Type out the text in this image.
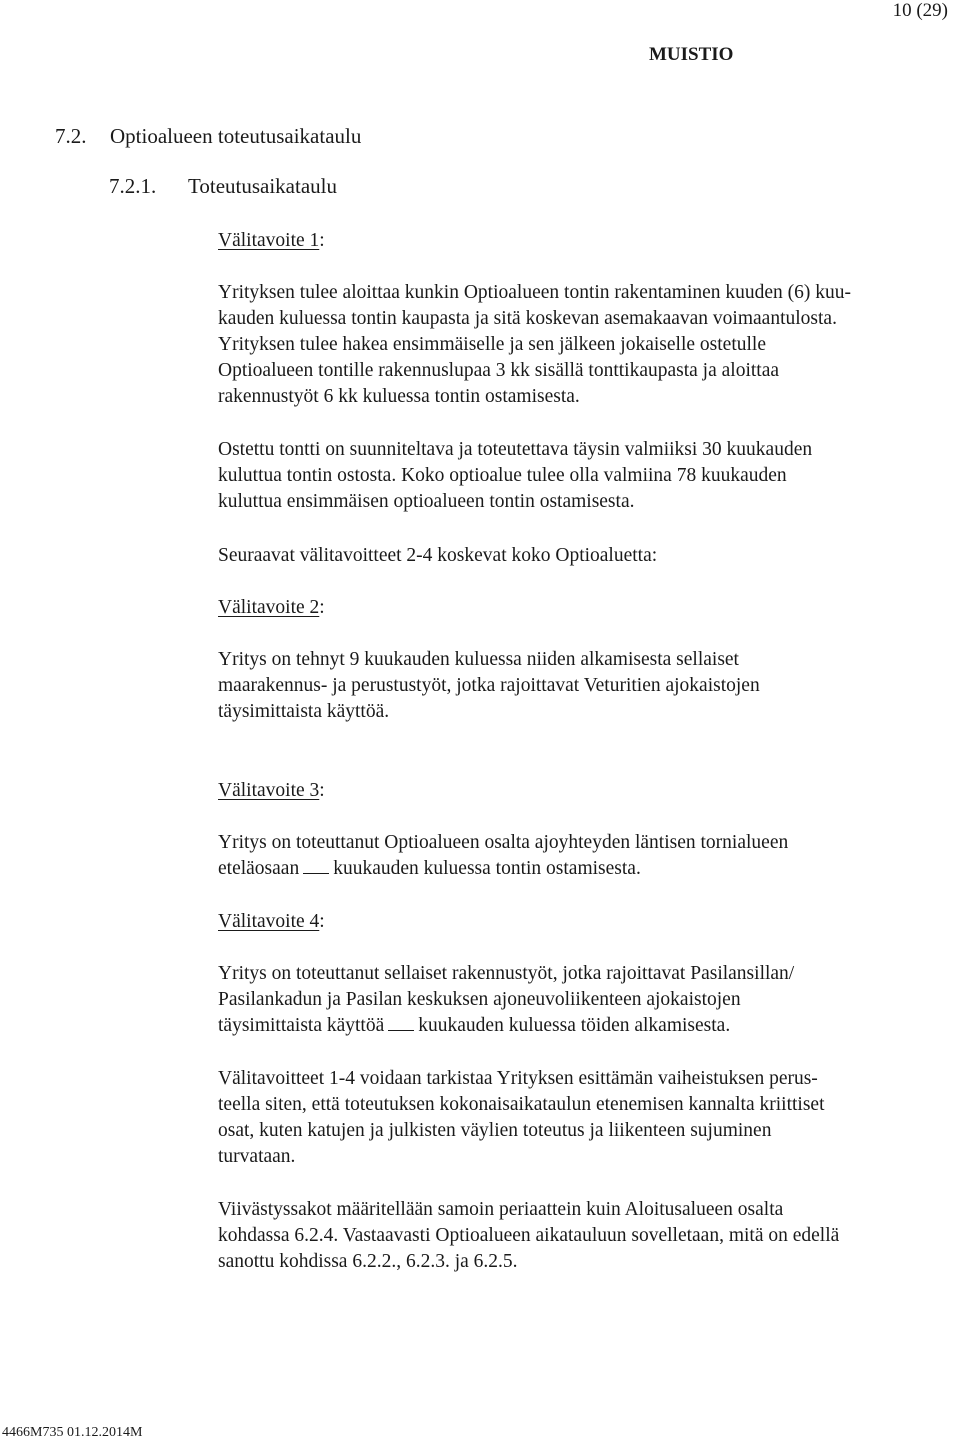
10 (29)
MUISTIO
7.2. Optioalueen toteutusaikataulu
7.2.1. Toteutusaikataulu
Välitavoite 1:
Yrityksen tulee aloittaa kunkin Optioalueen tontin rakentaminen kuuden (6) kuu-
kauden kuluessa tontin kaupasta ja sitä koskevan asemakaavan voimaantulosta.
Yrityksen tulee hakea ensimmäiselle ja sen jälkeen jokaiselle ostetulle
Optioalueen tontille rakennuslupaa 3 kk sisällä tonttikaupasta ja aloittaa
rakennustyöt 6 kk kuluessa tontin ostamisesta.
Ostettu tontti on suunniteltava ja toteutettava täysin valmiiksi 30 kuukauden
kuluttua tontin ostosta. Koko optioalue tulee olla valmiina 78 kuukauden
kuluttua ensimmäisen optioalueen tontin ostamisesta.
Seuraavat välitavoitteet 2-4 koskevat koko Optioaluetta:
Välitavoite 2:
Yritys on tehnyt 9 kuukauden kuluessa niiden alkamisesta sellaiset
maarakennus- ja perustustyöt, jotka rajoittavat Veturitien ajokaistojen
täysimittaista käyttöä.
Välitavoite 3:

Yritys on toteuttanut Optioalueen osalta ajoyhteyden läntisen tornialueen

eteläosaan kuukauden kuluessa tontin ostamisesta.

Välitavoite 4:

Yritys on toteuttanut sellaiset rakennustyöt, jotka rajoittavat Pasilansillan/
Pasilankadun ja Pasilan keskuksen ajoneuvoliikenteen ajokaistojen

täysimittaista käyttöä kuukauden kuluessa töiden alkamisesta.

Välitavoitteet 1-4 voidaan tarkistaa Yrityksen esittämän vaiheistuksen perus-
teella siten, että toteutuksen kokonaisaikataulun etenemisen kannalta kriittiset
osat, kuten katujen ja julkisten väylien toteutus ja liikenteen sujuminen
turvataan.
Viivästyssakot määritellään samoin periaattein kuin Aloitusalueen osalta
kohdassa 6.2.4. Vastaavasti Optioalueen aikatauluun sovelletaan, mitä on edellä
sanottu kohdissa 6.2.2., 6.2.3. ja 6.2.5.
4466M735 01.12.2014M
